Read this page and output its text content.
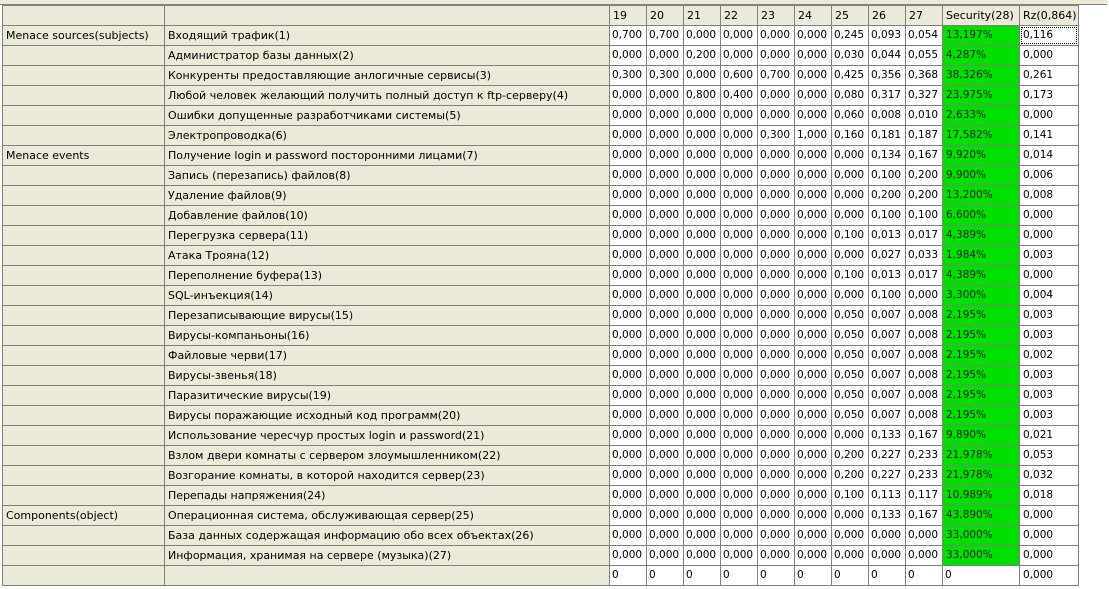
		19	20	21	22	23	24	25	26	27	Security(28)	Rz(0,864)
Menace sources(subjects)	Входящий трафик(1)	0,700	0,700	0,000	0,000	0,000	0,000	0,245	0,093	0,054	13,197%	0,116
	Администратор базы данных(2)	0,000	0,000	0,200	0,000	0,000	0,000	0,030	0,044	0,055	4,287%	0,000
	Конкуренты предоставляющие анлогичные сервисы(3)	0,300	0,300	0,000	0,600	0,700	0,000	0,425	0,356	0,368	38,326%	0,261
	Любой человек желающий получить полный доступ к ftp-серверу(4)	0,000	0,000	0,800	0,400	0,000	0,000	0,080	0,317	0,327	23,975%	0,173
	Ошибки допущенные разработчиками системы(5)	0,000	0,000	0,000	0,000	0,000	0,000	0,060	0,008	0,010	2,633%	0,000
	Электропроводка(6)	0,000	0,000	0,000	0,000	0,300	1,000	0,160	0,181	0,187	17,582%	0,141
Menace events	Получение login и password посторонними лицами(7)	0,000	0,000	0,000	0,000	0,000	0,000	0,000	0,134	0,167	9,920%	0,014
	Запись (перезапись) файлов(8)	0,000	0,000	0,000	0,000	0,000	0,000	0,000	0,100	0,200	9,900%	0,006
	Удаление файлов(9)	0,000	0,000	0,000	0,000	0,000	0,000	0,000	0,200	0,200	13,200%	0,008
	Добавление файлов(10)	0,000	0,000	0,000	0,000	0,000	0,000	0,000	0,100	0,100	6,600%	0,000
	Перегрузка сервера(11)	0,000	0,000	0,000	0,000	0,000	0,000	0,100	0,013	0,017	4,389%	0,000
	Атака Трояна(12)	0,000	0,000	0,000	0,000	0,000	0,000	0,000	0,027	0,033	1,984%	0,003
	Переполнение буфера(13)	0,000	0,000	0,000	0,000	0,000	0,000	0,100	0,013	0,017	4,389%	0,000
	SQL-инъекция(14)	0,000	0,000	0,000	0,000	0,000	0,000	0,000	0,100	0,000	3,300%	0,004
	Перезаписывающие вирусы(15)	0,000	0,000	0,000	0,000	0,000	0,000	0,050	0,007	0,008	2,195%	0,003
	Вирусы-компаньоны(16)	0,000	0,000	0,000	0,000	0,000	0,000	0,050	0,007	0,008	2,195%	0,003
	Файловые черви(17)	0,000	0,000	0,000	0,000	0,000	0,000	0,050	0,007	0,008	2,195%	0,002
	Вирусы-звенья(18)	0,000	0,000	0,000	0,000	0,000	0,000	0,050	0,007	0,008	2,195%	0,003
	Паразитические вирусы(19)	0,000	0,000	0,000	0,000	0,000	0,000	0,050	0,007	0,008	2,195%	0,003
	Вирусы поражающие исходный код программ(20)	0,000	0,000	0,000	0,000	0,000	0,000	0,050	0,007	0,008	2,195%	0,003
	Использование чересчур простых login и password(21)	0,000	0,000	0,000	0,000	0,000	0,000	0,000	0,133	0,167	9,890%	0,021
	Взлом двери комнаты с сервером злоумышленником(22)	0,000	0,000	0,000	0,000	0,000	0,000	0,200	0,227	0,233	21,978%	0,053
	Возгорание комнаты, в которой находится сервер(23)	0,000	0,000	0,000	0,000	0,000	0,000	0,200	0,227	0,233	21,978%	0,032
	Перепады напряжения(24)	0,000	0,000	0,000	0,000	0,000	0,000	0,100	0,113	0,117	10,989%	0,018
Components(object)	Операционная система, обслуживающая сервер(25)	0,000	0,000	0,000	0,000	0,000	0,000	0,000	0,133	0,167	43,890%	0,000
	База данных содержащая информацию обо всех объектах(26)	0,000	0,000	0,000	0,000	0,000	0,000	0,000	0,000	0,000	33,000%	0,000
	Информация, хранимая на сервере (музыка)(27)	0,000	0,000	0,000	0,000	0,000	0,000	0,000	0,000	0,000	33,000%	0,000
		0	0	0	0	0	0	0	0	0	0	0,000
